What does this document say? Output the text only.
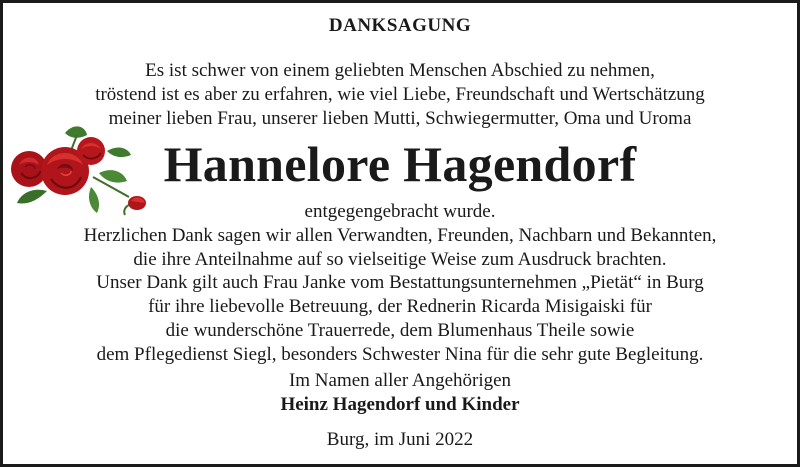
DANKSAGUNG
Es ist schwer von einem geliebten Menschen Abschied zu nehmen,
tröstend ist es aber zu erfahren, wie viel Liebe, Freundschaft und Wertschätzung
meiner lieben Frau, unserer lieben Mutti, Schwiegermutter, Oma und Uroma
Hannelore Hagendorf
entgegengebracht wurde.
Herzlichen Dank sagen wir allen Verwandten, Freunden, Nachbarn und Bekannten,
die ihre Anteilnahme auf so vielseitige Weise zum Ausdruck brachten.
Unser Dank gilt auch Frau Janke vom Bestattungsunternehmen „Pietät“ in Burg
für ihre liebevolle Betreuung, der Rednerin Ricarda Misigaiski für
die wunderschöne Trauerrede, dem Blumenhaus Theile sowie
dem Pflegedienst Siegl, besonders Schwester Nina für die sehr gute Begleitung.
Im Namen aller Angehörigen
Heinz Hagendorf und Kinder
Burg, im Juni 2022
